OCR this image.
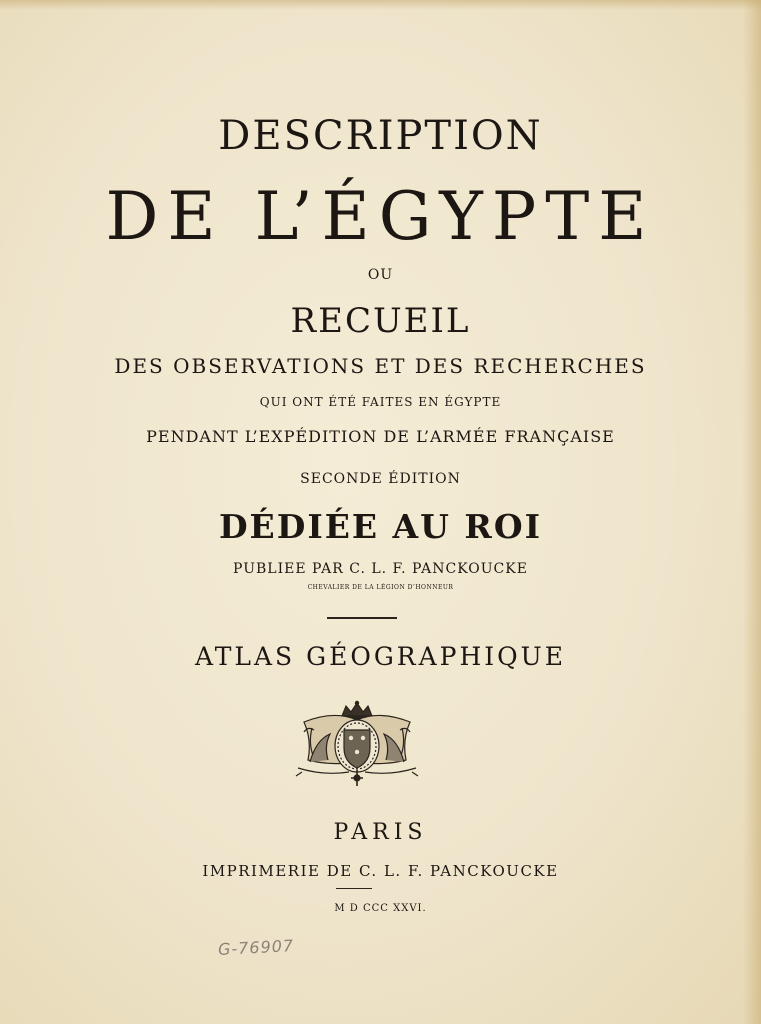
DESCRIPTION
DE L’ÉGYPTE
OU
RECUEIL
DES OBSERVATIONS ET DES RECHERCHES
QUI ONT ÉTÉ FAITES EN ÉGYPTE
PENDANT L’EXPÉDITION DE L’ARMÉE FRANÇAISE
SECONDE ÉDITION
DÉDIÉE AU ROI
PUBLIEE PAR C. L. F. PANCKOUCKE
CHEVALIER DE LA LÉGION D’HONNEUR
ATLAS GÉOGRAPHIQUE
PARIS
IMPRIMERIE DE C. L. F. PANCKOUCKE
M D CCC XXVI.
G-76907
